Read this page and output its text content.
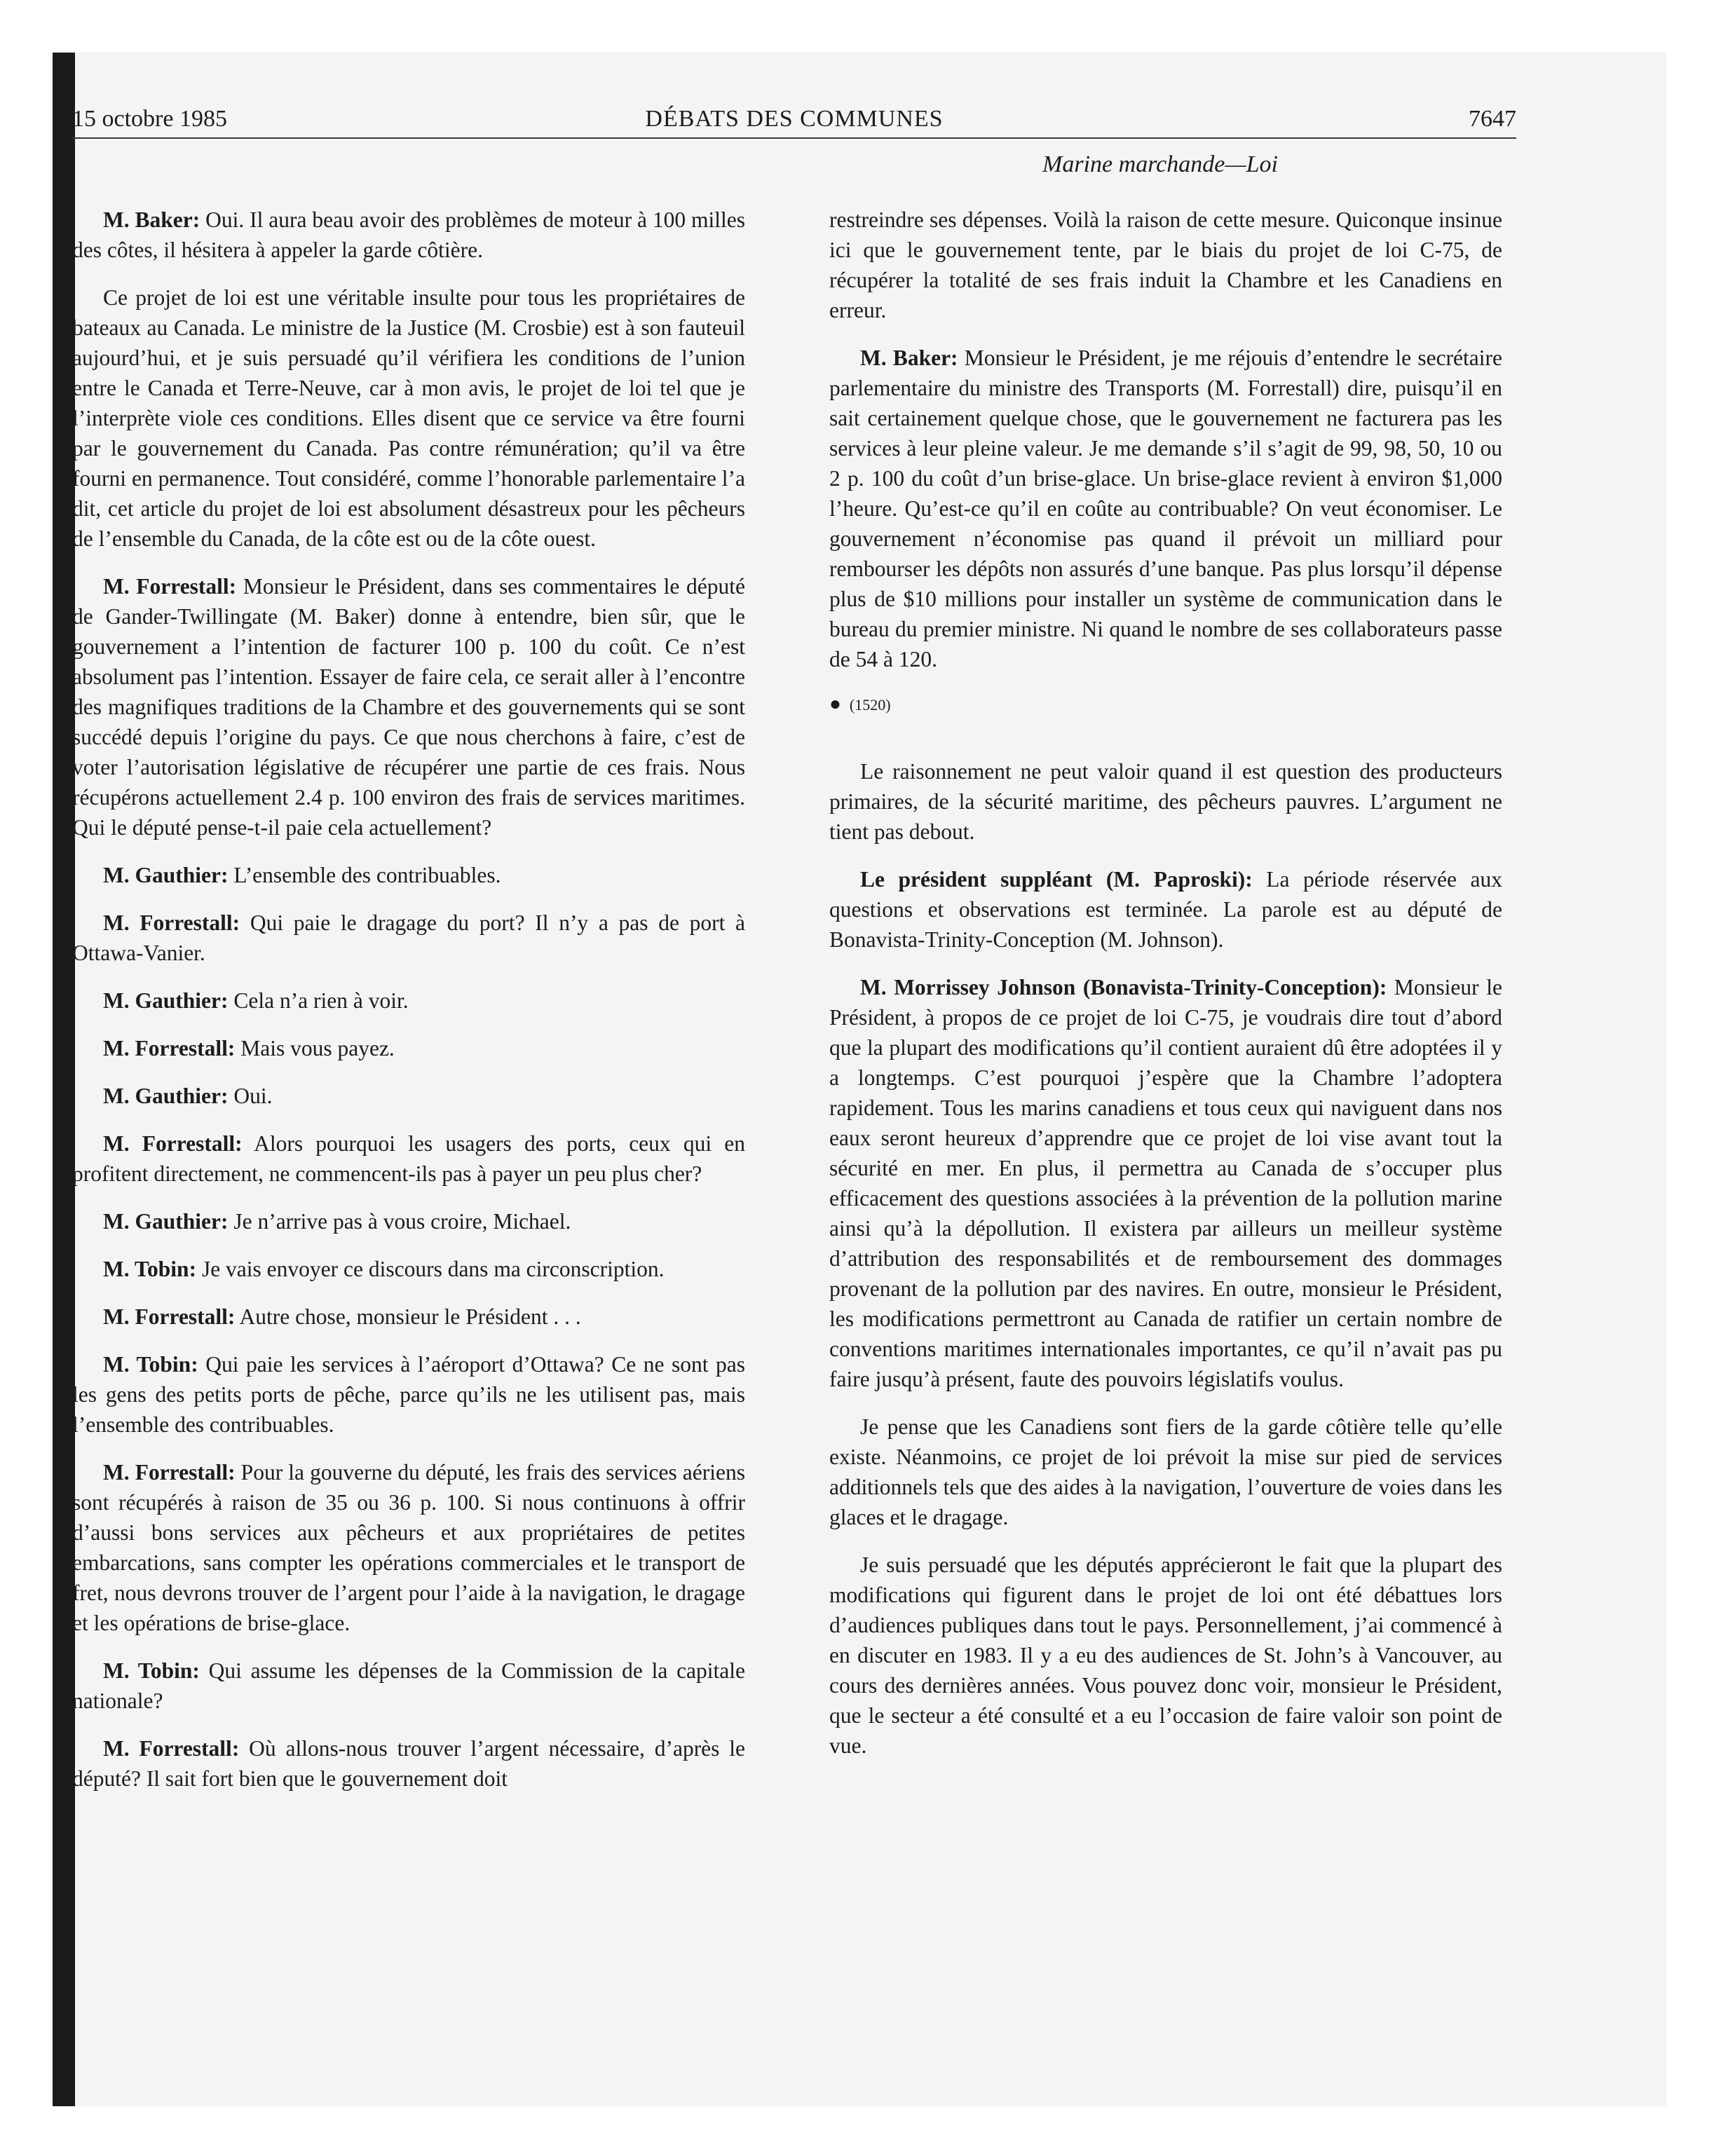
15 octobre 1985	DÉBATS DES COMMUNES	7647
Marine marchande—Loi

M. Baker: Oui. Il aura beau avoir des problèmes de moteur à 100 milles des côtes, il hésitera à appeler la garde côtière.

Ce projet de loi est une véritable insulte pour tous les propriétaires de bateaux au Canada. Le ministre de la Justice (M. Crosbie) est à son fauteuil aujourd’hui, et je suis persuadé qu’il vérifiera les conditions de l’union entre le Canada et Terre-Neuve, car à mon avis, le projet de loi tel que je l’interprète viole ces conditions. Elles disent que ce service va être fourni par le gouvernement du Canada. Pas contre rémunération; qu’il va être fourni en permanence. Tout considéré, comme l’honorable parlementaire l’a dit, cet article du projet de loi est absolument désastreux pour les pêcheurs de l’ensemble du Canada, de la côte est ou de la côte ouest.

M. Forrestall: Monsieur le Président, dans ses commentaires le député de Gander-Twillingate (M. Baker) donne à entendre, bien sûr, que le gouvernement a l’intention de facturer 100 p. 100 du coût. Ce n’est absolument pas l’intention. Essayer de faire cela, ce serait aller à l’encontre des magnifiques traditions de la Chambre et des gouvernements qui se sont succédé depuis l’origine du pays. Ce que nous cherchons à faire, c’est de voter l’autorisation législative de récupérer une partie de ces frais. Nous récupérons actuellement 2.4 p. 100 environ des frais de services maritimes. Qui le député pense-t-il paie cela actuellement?

M. Gauthier: L’ensemble des contribuables.

M. Forrestall: Qui paie le dragage du port? Il n’y a pas de port à Ottawa-Vanier.

M. Gauthier: Cela n’a rien à voir.

M. Forrestall: Mais vous payez.

M. Gauthier: Oui.

M. Forrestall: Alors pourquoi les usagers des ports, ceux qui en profitent directement, ne commencent-ils pas à payer un peu plus cher?

M. Gauthier: Je n’arrive pas à vous croire, Michael.

M. Tobin: Je vais envoyer ce discours dans ma circonscription.

M. Forrestall: Autre chose, monsieur le Président . . .

M. Tobin: Qui paie les services à l’aéroport d’Ottawa? Ce ne sont pas les gens des petits ports de pêche, parce qu’ils ne les utilisent pas, mais l’ensemble des contribuables.

M. Forrestall: Pour la gouverne du député, les frais des services aériens sont récupérés à raison de 35 ou 36 p. 100. Si nous continuons à offrir d’aussi bons services aux pêcheurs et aux propriétaires de petites embarcations, sans compter les opérations commerciales et le transport de fret, nous devrons trouver de l’argent pour l’aide à la navigation, le dragage et les opérations de brise-glace.

M. Tobin: Qui assume les dépenses de la Commission de la capitale nationale?

M. Forrestall: Où allons-nous trouver l’argent nécessaire, d’après le député? Il sait fort bien que le gouvernement doit

restreindre ses dépenses. Voilà la raison de cette mesure. Quiconque insinue ici que le gouvernement tente, par le biais du projet de loi C-75, de récupérer la totalité de ses frais induit la Chambre et les Canadiens en erreur.

M. Baker: Monsieur le Président, je me réjouis d’entendre le secrétaire parlementaire du ministre des Transports (M. Forrestall) dire, puisqu’il en sait certainement quelque chose, que le gouvernement ne facturera pas les services à leur pleine valeur. Je me demande s’il s’agit de 99, 98, 50, 10 ou 2 p. 100 du coût d’un brise-glace. Un brise-glace revient à environ $1,000 l’heure. Qu’est-ce qu’il en coûte au contribuable? On veut économiser. Le gouvernement n’économise pas quand il prévoit un milliard pour rembourser les dépôts non assurés d’une banque. Pas plus lorsqu’il dépense plus de $10 millions pour installer un système de communication dans le bureau du premier ministre. Ni quand le nombre de ses collaborateurs passe de 54 à 120.

● (1520)

Le raisonnement ne peut valoir quand il est question des producteurs primaires, de la sécurité maritime, des pêcheurs pauvres. L’argument ne tient pas debout.

Le président suppléant (M. Paproski): La période réservée aux questions et observations est terminée. La parole est au député de Bonavista-Trinity-Conception (M. Johnson).

M. Morrissey Johnson (Bonavista-Trinity-Conception): Monsieur le Président, à propos de ce projet de loi C-75, je voudrais dire tout d’abord que la plupart des modifications qu’il contient auraient dû être adoptées il y a longtemps. C’est pourquoi j’espère que la Chambre l’adoptera rapidement. Tous les marins canadiens et tous ceux qui naviguent dans nos eaux seront heureux d’apprendre que ce projet de loi vise avant tout la sécurité en mer. En plus, il permettra au Canada de s’occuper plus efficacement des questions associées à la prévention de la pollution marine ainsi qu’à la dépollution. Il existera par ailleurs un meilleur système d’attribution des responsabilités et de remboursement des dommages provenant de la pollution par des navires. En outre, monsieur le Président, les modifications permettront au Canada de ratifier un certain nombre de conventions maritimes internationales importantes, ce qu’il n’avait pas pu faire jusqu’à présent, faute des pouvoirs législatifs voulus.

Je pense que les Canadiens sont fiers de la garde côtière telle qu’elle existe. Néanmoins, ce projet de loi prévoit la mise sur pied de services additionnels tels que des aides à la navigation, l’ouverture de voies dans les glaces et le dragage.

Je suis persuadé que les députés apprécieront le fait que la plupart des modifications qui figurent dans le projet de loi ont été débattues lors d’audiences publiques dans tout le pays. Personnellement, j’ai commencé à en discuter en 1983. Il y a eu des audiences de St. John’s à Vancouver, au cours des dernières années. Vous pouvez donc voir, monsieur le Président, que le secteur a été consulté et a eu l’occasion de faire valoir son point de vue.
